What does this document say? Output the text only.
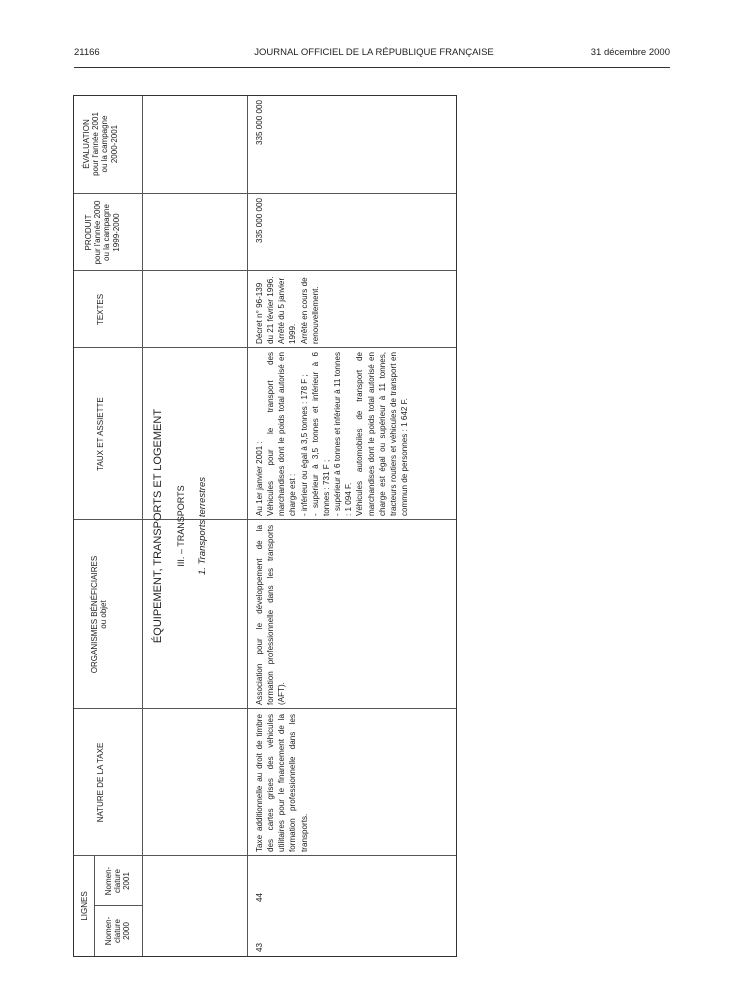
21166	JOURNAL OFFICIEL DE LA RÉPUBLIQUE FRANÇAISE	31 décembre 2000
LIGNES
Nomen- clature 2000
Nomen- clature 2001
NATURE DE LA TAXE
ORGANISMES BÉNÉFICIAIRES ou objet
TAUX ET ASSIETTE
TEXTES
PRODUIT pour l'année 2000 ou la campagne 1999-2000
ÉVALUATION pour l'année 2001 ou la campagne 2000-2001
ÉQUIPEMENT, TRANSPORTS ET LOGEMENT III. – TRANSPORTS 1. Transports terrestres
43
44
Taxe additionnelle au droit de timbre des cartes grises des véhicules utilitaires pour le financement de la formation professionnelle dans les transports.
Association pour le développement de la formation professionnelle dans les transports (AFT).
Au 1er janvier 2001 : Véhicules pour le transport des marchandises dont le poids total autorisé en charge est : - inférieur ou égal à 3,5 tonnes : 178 F ; - supérieur à 3,5 tonnes et inférieur à 6 tonnes : 731 F ; - supérieur à 6 tonnes et inférieur à 11 tonnes : 1 094 F. Véhicules automobiles de transport de marchandises dont le poids total autorisé en charge est égal ou supérieur à 11 tonnes, tracteurs routiers et véhicules de transport en commun de personnes : 1 642 F.
Décret n° 96-139 du 21 février 1996. Arrêté du 5 janvier 1999. Arrêté en cours de renouvellement.
335 000 000
335 000 000
